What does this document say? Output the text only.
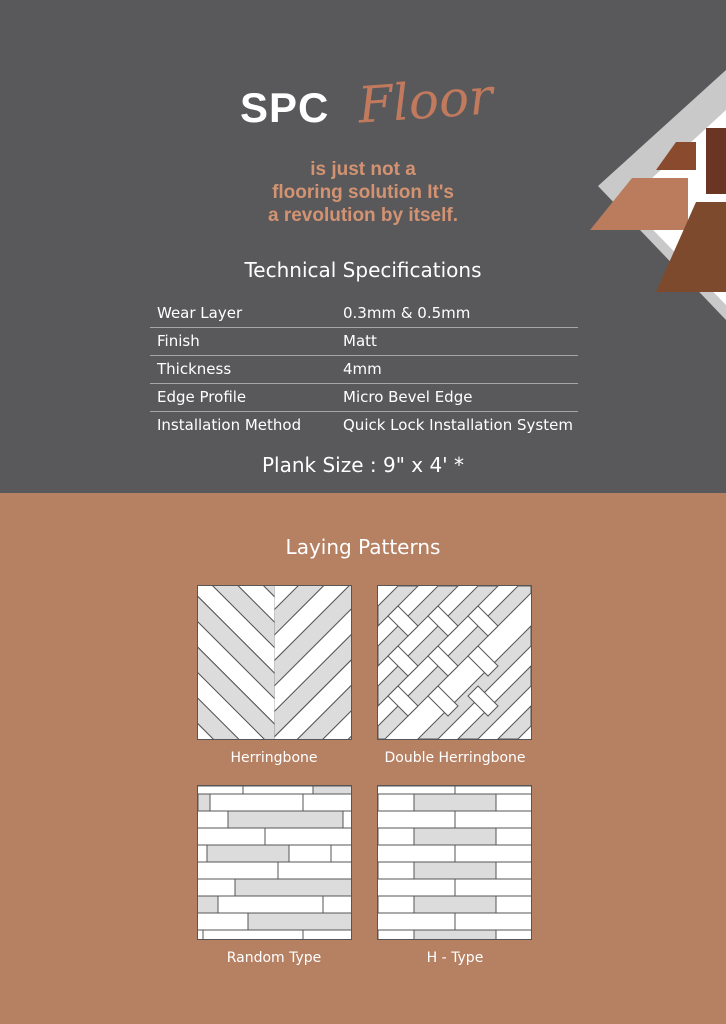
SPC Floor
is just not a
flooring solution It's
a revolution by itself.
Technical Specifications
Wear Layer	0.3mm & 0.5mm
Finish	Matt
Thickness	4mm
Edge Profile	Micro Bevel Edge
Installation Method	Quick Lock Installation System
Plank Size : 9" x 4' *
Laying Patterns
Herringbone	Double Herringbone
Random Type	H - Type
